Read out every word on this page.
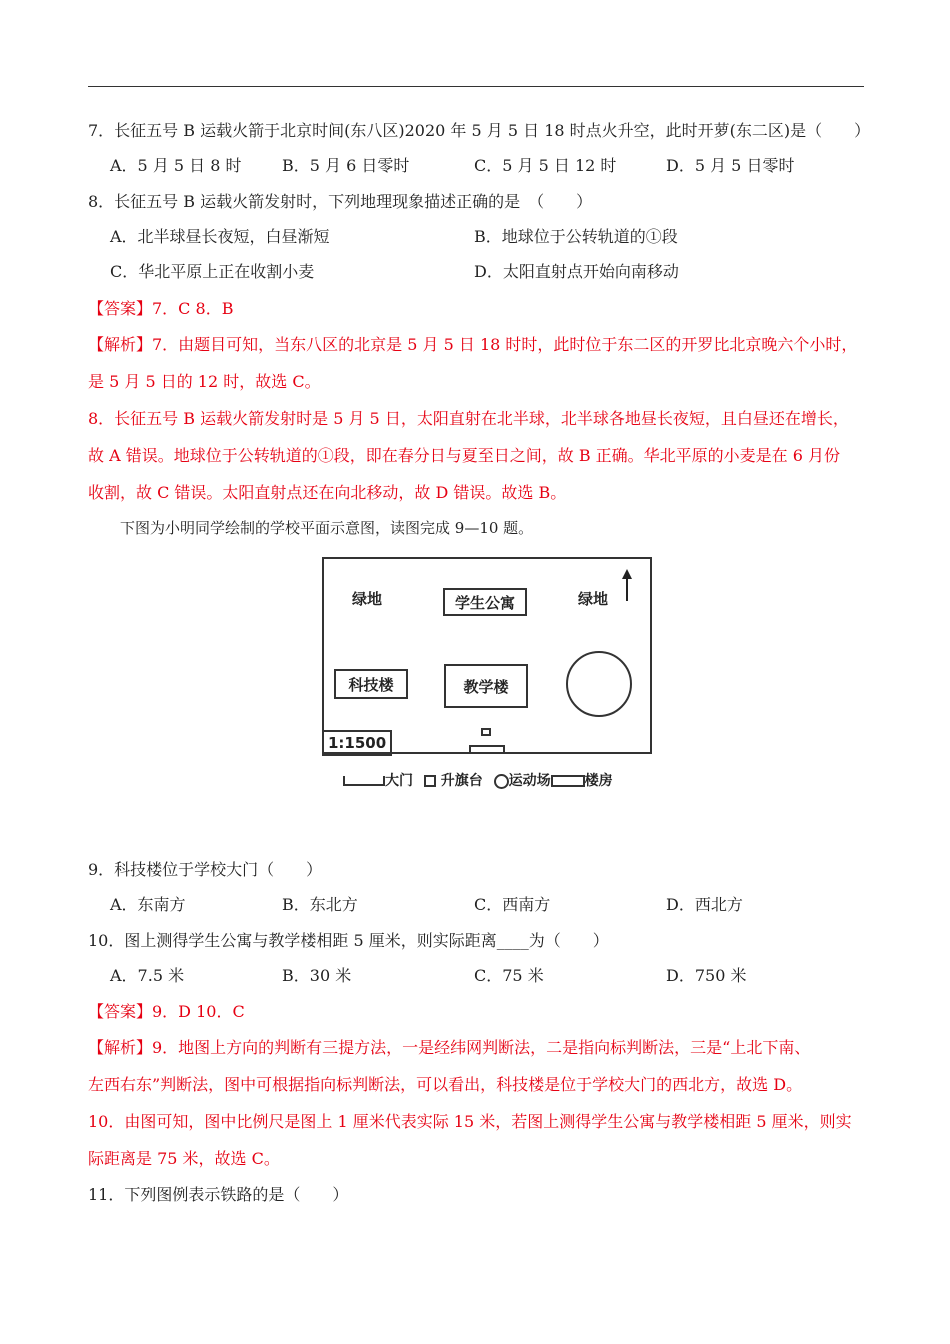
7．长征五号 B 运载火箭于北京时间(东八区)2020 年 5 月 5 日 18 时点火升空，此时开萝(东二区)是（　　）
A．5 月 5 日 8 时	B．5 月 6 日零时	C．5 月 5 日 12 时	D．5 月 5 日零时
8．长征五号 B 运载火箭发射时，下列地理现象描述正确的是　（　　）
A．北半球昼长夜短，白昼渐短	B．地球位于公转轨道的①段
C．华北平原上正在收割小麦	D．太阳直射点开始向南移动
【答案】7．C 8．B
【解析】7．由题目可知，当东八区的北京是 5 月 5 日 18 时时，此时位于东二区的开罗比北京晚六个小时，
是 5 月 5 日的 12 时，故选 C。
8．长征五号 B 运载火箭发射时是 5 月 5 日，太阳直射在北半球，北半球各地昼长夜短，且白昼还在增长，
故 A 错误。地球位于公转轨道的①段，即在春分日与夏至日之间，故 B 正确。华北平原的小麦是在 6 月份
收割，故 C 错误。太阳直射点还在向北移动，故 D 错误。故选 B。
下图为小明同学绘制的学校平面示意图，读图完成 9—10 题。
绿地	学生公寓	绿地
科技楼	教学楼
1:1500
大门 升旗台 运动场 楼房
9．科技楼位于学校大门（　　）
A．东南方	B．东北方	C．西南方	D．西北方
10．图上测得学生公寓与教学楼相距 5 厘米，则实际距离____为（　　）
A．7.5 米	B．30 米	C．75 米	D．750 米
【答案】9．D 10．C
【解析】9．地图上方向的判断有三提方法，一是经纬网判断法，二是指向标判断法，三是“上北下南、
左西右东”判断法，图中可根据指向标判断法，可以看出，科技楼是位于学校大门的西北方，故选 D。
10．由图可知，图中比例尺是图上 1 厘米代表实际 15 米，若图上测得学生公寓与教学楼相距 5 厘米，则实
际距离是 75 米，故选 C。
11．下列图例表示铁路的是（　　）
